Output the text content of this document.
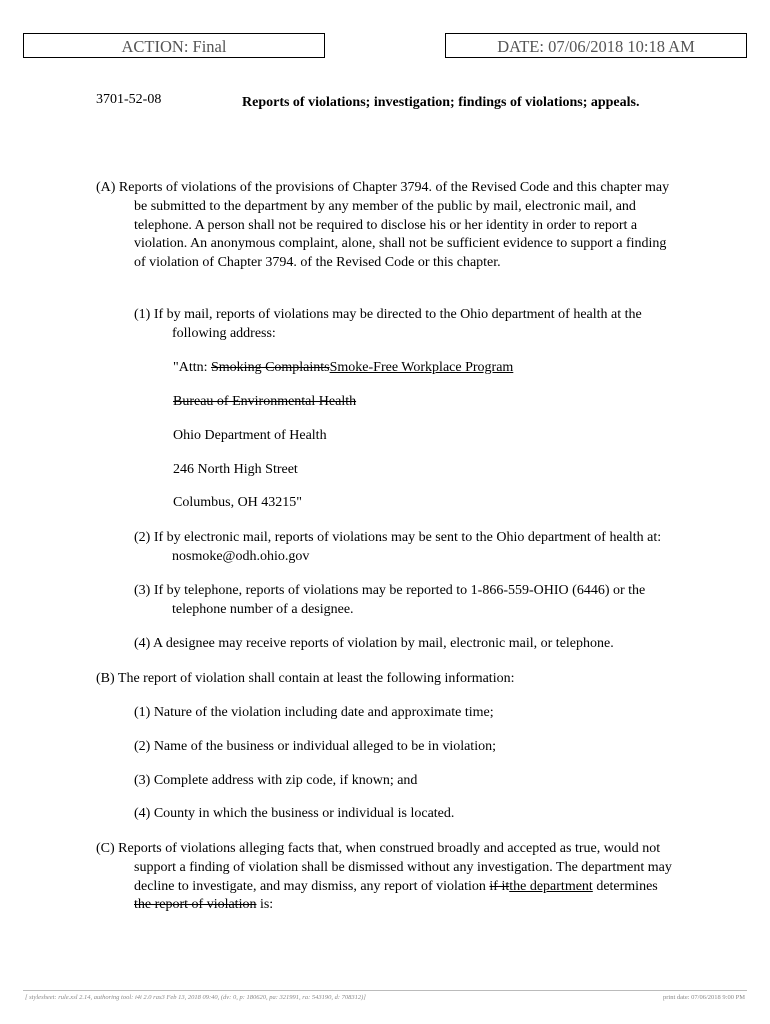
ACTION: Final	DATE: 07/06/2018 10:18 AM
3701-52-08	Reports of violations; investigation; findings of violations; appeals.

(A) Reports of violations of the provisions of Chapter 3794. of the Revised Code and this chapter may be submitted to the department by any member of the public by mail, electronic mail, and telephone. A person shall not be required to disclose his or her identity in order to report a violation. An anonymous complaint, alone, shall not be sufficient evidence to support a finding of violation of Chapter 3794. of the Revised Code or this chapter.

(1) If by mail, reports of violations may be directed to the Ohio department of health at the following address:

"Attn: Smoking ComplaintsSmoke-Free Workplace Program
Bureau of Environmental Health
Ohio Department of Health
246 North High Street
Columbus, OH 43215"

(2) If by electronic mail, reports of violations may be sent to the Ohio department of health at: nosmoke@odh.ohio.gov

(3) If by telephone, reports of violations may be reported to 1-866-559-OHIO (6446) or the telephone number of a designee.

(4) A designee may receive reports of violation by mail, electronic mail, or telephone.

(B) The report of violation shall contain at least the following information:

(1) Nature of the violation including date and approximate time;

(2) Name of the business or individual alleged to be in violation;

(3) Complete address with zip code, if known; and

(4) County in which the business or individual is located.

(C) Reports of violations alleging facts that, when construed broadly and accepted as true, would not support a finding of violation shall be dismissed without any investigation. The department may decline to investigate, and may dismiss, any report of violation if itthe department determines the report of violation is:

[ stylesheet: rule.xsl 2.14, authoring tool: i4i 2.0 ras3 Feb 13, 2018 09:40, (dv: 0, p: 180620, pa: 321991, ra: 543190, d: 708312)]	print date: 07/06/2018 9:00 PM
